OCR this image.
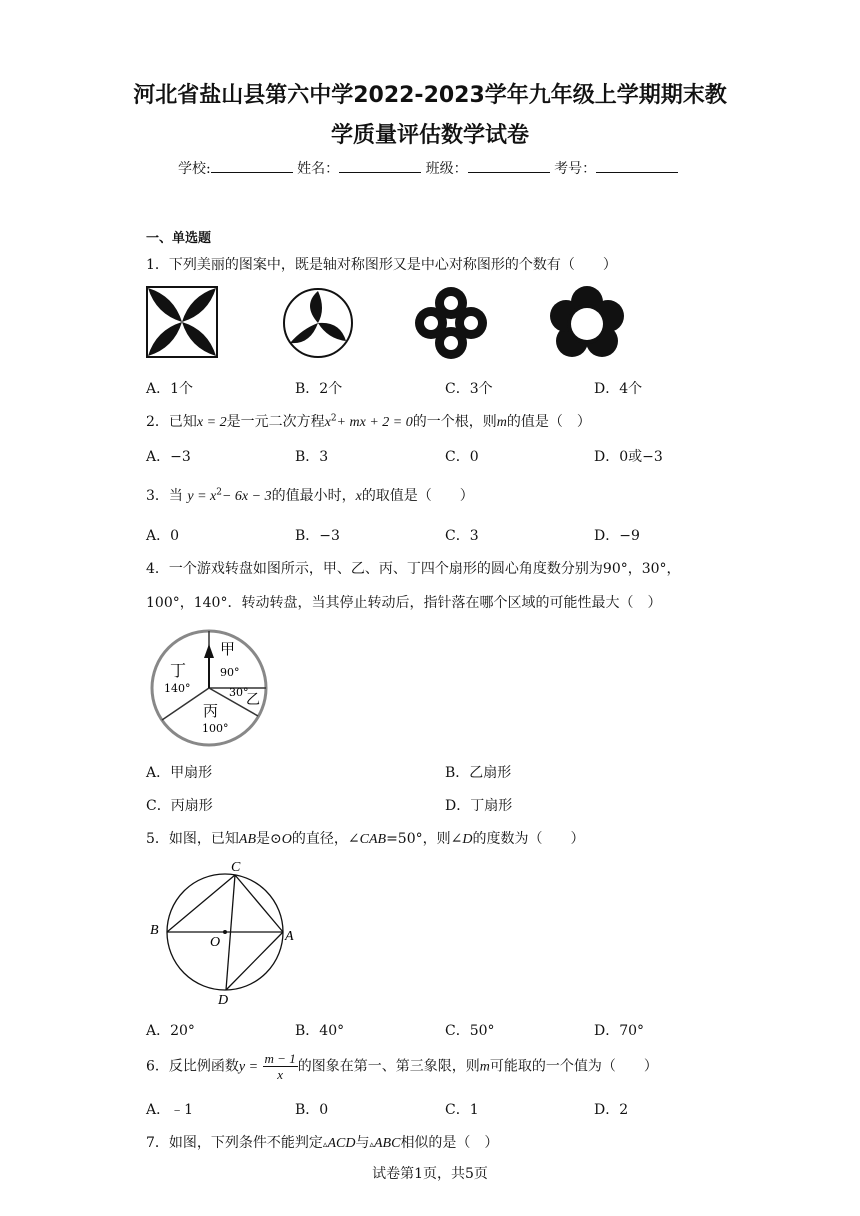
河北省盐山县第六中学2022-2023学年九年级上学期期末教
学质量评估数学试卷
学校:	姓名：	班级：	考号：
一、单选题
1．下列美丽的图案中，既是轴对称图形又是中心对称图形的个数有（　　）
A．1个	B．2个	C．3个	D．4个
2．已知x = 2是一元二次方程$x^2+$ mx + 2 = 0的一个根，则m的值是（　）
A．−3	B．3	C．0	D．0或−3
3．当 $y = x^2- 6x - 3$的值最小时，x的取值是（　　）
A．0	B．−3	C．3	D．−9
4．一个游戏转盘如图所示，甲、乙、丙、丁四个扇形的圆心角度数分别为90°，30°，
100°，140°．转动转盘，当其停止转动后，指针落在哪个区域的可能性最大（　）
甲
90°
丁
140°	30°
乙
丙
100°
A．甲扇形	B．乙扇形
C．丙扇形	D．丁扇形
5．如图，已知AB是⊙O的直径，∠CAB=50°，则∠D的度数为（　　）
C
B	A
O
D
A．20°	B．40°	C．50°	D．70°
6．反比例函数$y = \frac{m - 1}{x}$ 的图象在第一、第三象限，则m可能取的一个值为（　　）
A．﹣1	B．0	C．1	D．2
7．如图，下列条件不能判定▵ACD与▵ABC相似的是（　）
试卷第1页，共5页
